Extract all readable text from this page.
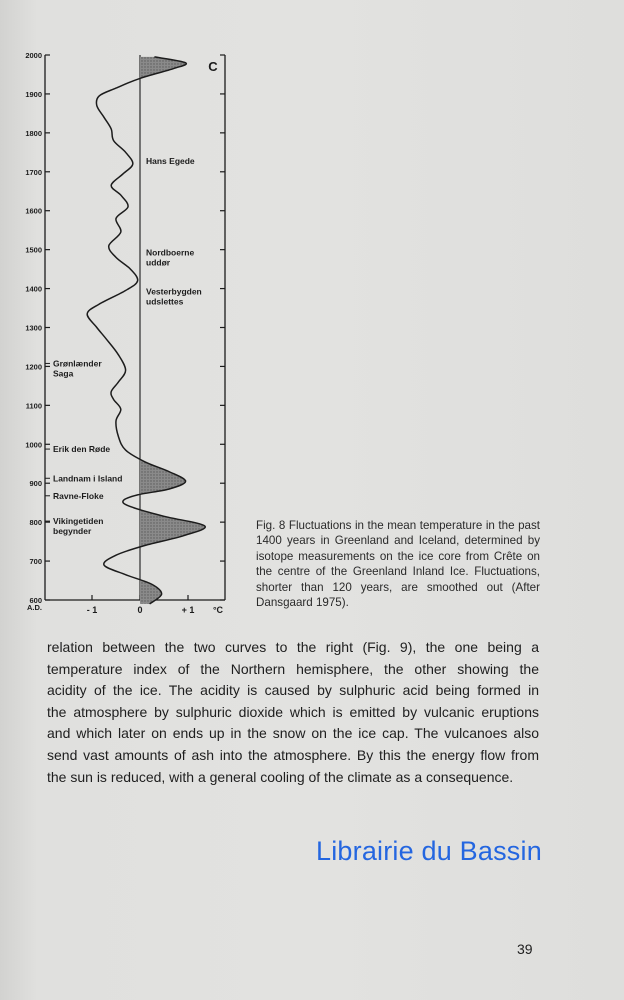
2000
1900
1800
1700
1600
1500
1400
1300
1200
1100
1000
900
800
700
600
A.D.	- 1	0	+ 1 °C
C
Hans Egede
Nordboerne
uddør
Vesterbygden
udslettes
Grønlænder
Saga
Erik den Røde
Landnam i Island
Ravne-Floke
Vikingetiden
begynder	Fig. 8 Fluctuations in the mean temperature in the past 1400 years in Greenland and Iceland, determined by isotope measurements on the ice core from Crête on the centre of the Greenland Inland Ice. Fluctuations, shorter than 120 years, are smoothed out (After Dansgaard 1975).
relation between the two curves to the right (Fig. 9), the one being a
temperature index of the Northern hemisphere, the other showing the
acidity of the ice. The acidity is caused by sulphuric acid being formed in
the atmosphere by sulphuric dioxide which is emitted by vulcanic eruptions
and which later on ends up in the snow on the ice cap. The vulcanoes also
send vast amounts of ash into the atmosphere. By this the energy flow from
the sun is reduced, with a general cooling of the climate as a consequence.
Librairie du Bassin
39
